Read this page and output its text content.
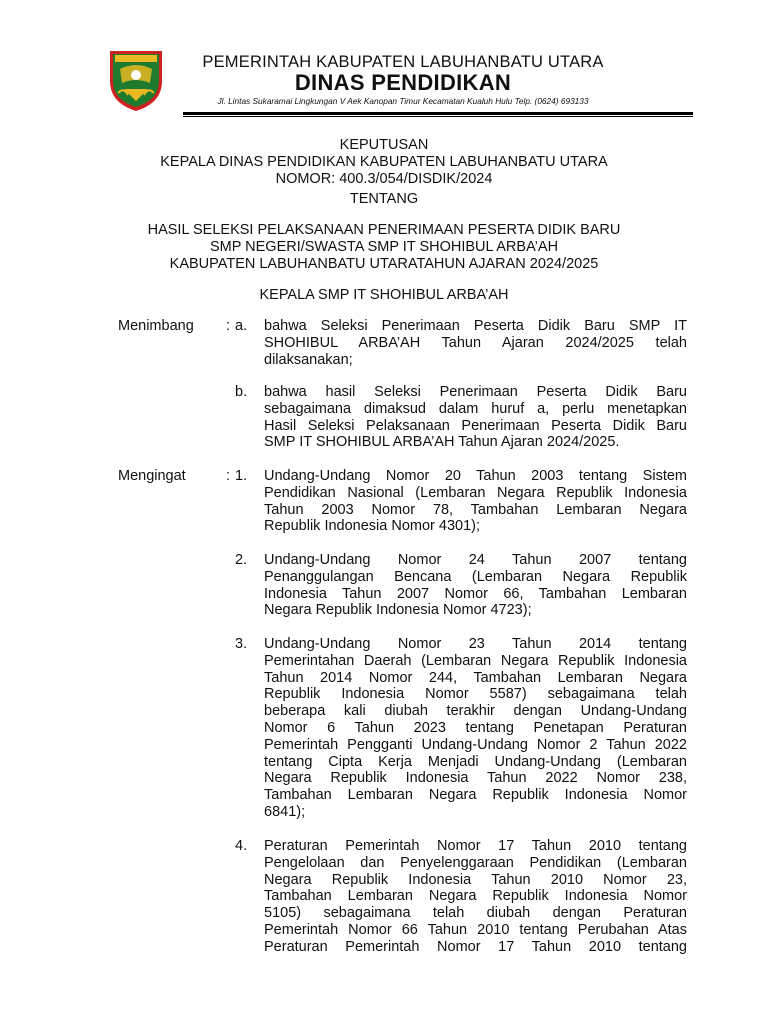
PEMERINTAH KABUPATEN LABUHANBATU UTARA
DINAS PENDIDIKAN
Jl. Lintas Sukaramai Lingkungan V Aek Kanopan Timur Kecamatan Kualuh Hulu Telp. (0624) 693133
KEPUTUSAN
KEPALA DINAS PENDIDIKAN KABUPATEN LABUHANBATU UTARA
NOMOR: 400.3/054/DISDIK/2024
TENTANG
HASIL SELEKSI PELAKSANAAN PENERIMAAN PESERTA DIDIK BARU
SMP NEGERI/SWASTA SMP IT SHOHIBUL ARBA’AH
KABUPATEN LABUHANBATU UTARATAHUN AJARAN 2024/2025
KEPALA SMP IT SHOHIBUL ARBA’AH
Menimbang : a.	bahwa Seleksi Penerimaan Peserta Didik Baru SMP IT
SHOHIBUL ARBA’AH Tahun Ajaran 2024/2025 telah
dilaksanakan;
b.	bahwa hasil Seleksi Penerimaan Peserta Didik Baru
sebagaimana dimaksud dalam huruf a, perlu menetapkan
Hasil Seleksi Pelaksanaan Penerimaan Peserta Didik Baru
SMP IT SHOHIBUL ARBA’AH Tahun Ajaran 2024/2025.
Mengingat	: 1.	Undang-Undang Nomor 20 Tahun 2003 tentang Sistem
Pendidikan Nasional (Lembaran Negara Republik Indonesia
Tahun 2003 Nomor 78, Tambahan Lembaran Negara
Republik Indonesia Nomor 4301);
2.	Undang-Undang Nomor 24 Tahun 2007 tentang
Penanggulangan Bencana (Lembaran Negara Republik
Indonesia Tahun 2007 Nomor 66, Tambahan Lembaran
Negara Republik Indonesia Nomor 4723);
3.	Undang-Undang Nomor 23 Tahun 2014 tentang
Pemerintahan Daerah (Lembaran Negara Republik Indonesia
Tahun 2014 Nomor 244, Tambahan Lembaran Negara
Republik Indonesia Nomor 5587) sebagaimana telah
beberapa kali diubah terakhir dengan Undang-Undang
Nomor 6 Tahun 2023 tentang Penetapan Peraturan
Pemerintah Pengganti Undang-Undang Nomor 2 Tahun 2022
tentang Cipta Kerja Menjadi Undang-Undang (Lembaran
Negara Republik Indonesia Tahun 2022 Nomor 238,
Tambahan Lembaran Negara Republik Indonesia Nomor
6841);
4.	Peraturan Pemerintah Nomor 17 Tahun 2010 tentang
Pengelolaan dan Penyelenggaraan Pendidikan (Lembaran
Negara Republik Indonesia Tahun 2010 Nomor 23,
Tambahan Lembaran Negara Republik Indonesia Nomor
5105) sebagaimana telah diubah dengan Peraturan
Pemerintah Nomor 66 Tahun 2010 tentang Perubahan Atas
Peraturan Pemerintah Nomor 17 Tahun 2010 tentang
